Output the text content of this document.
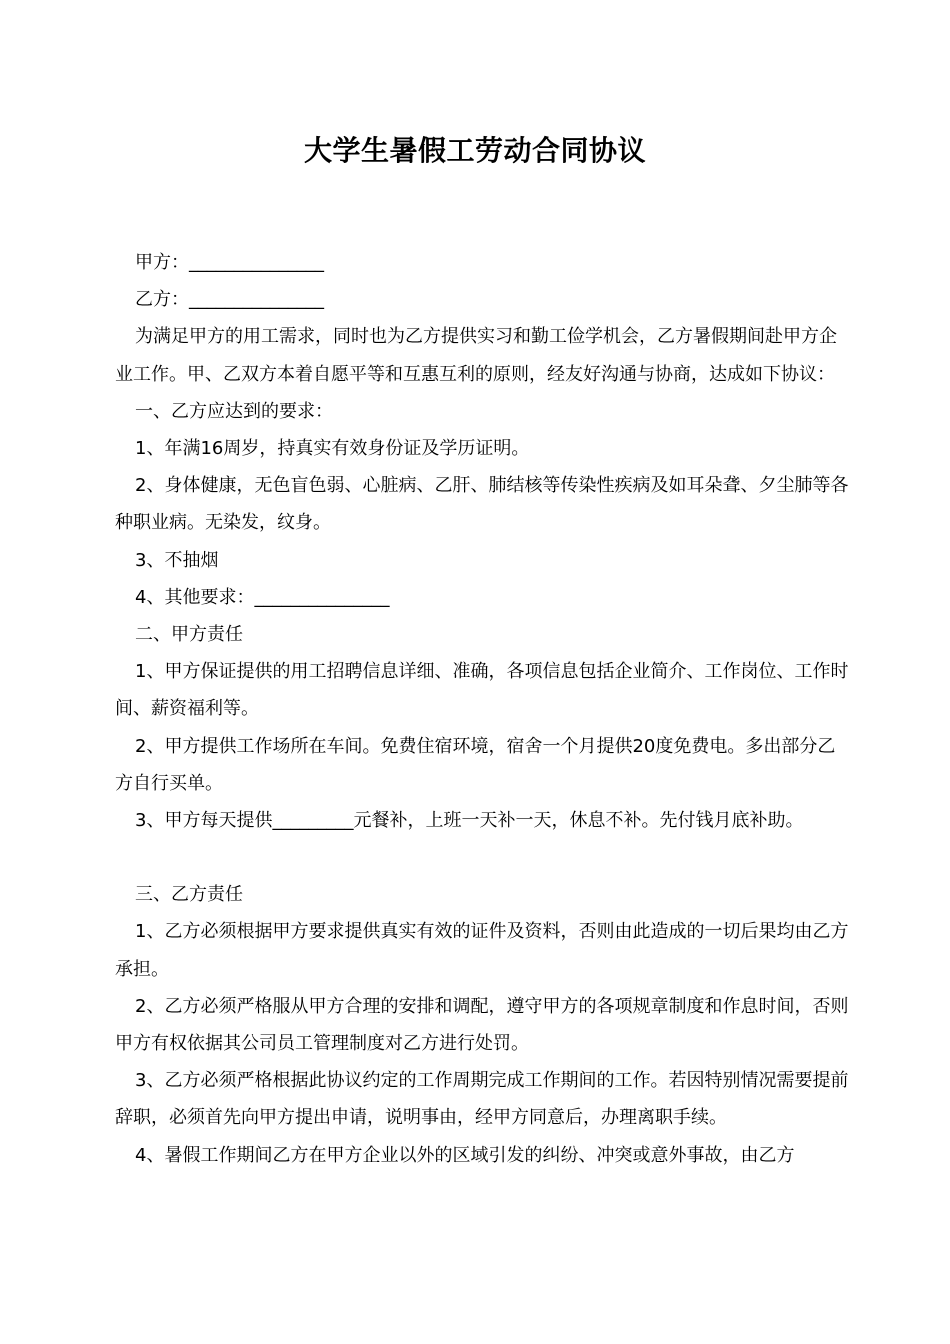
大学生暑假工劳动合同协议

甲方：_______________

乙方：_______________

为满足甲方的用工需求，同时也为乙方提供实习和勤工俭学机会，乙方暑假期间赴甲方企业工作。甲、乙双方本着自愿平等和互惠互利的原则，经友好沟通与协商，达成如下协议：

一、乙方应达到的要求：

1、年满16周岁，持真实有效身份证及学历证明。

2、身体健康，无色盲色弱、心脏病、乙肝、肺结核等传染性疾病及如耳朵聋、夕尘肺等各种职业病。无染发，纹身。

3、不抽烟

4、其他要求：_______________

二、甲方责任

1、甲方保证提供的用工招聘信息详细、准确，各项信息包括企业简介、工作岗位、工作时间、薪资福利等。

2、甲方提供工作场所在车间。免费住宿环境，宿舍一个月提供20度免费电。多出部分乙方自行买单。

3、甲方每天提供_________元餐补，上班一天补一天，休息不补。先付钱月底补助。

三、乙方责任

1、乙方必须根据甲方要求提供真实有效的证件及资料，否则由此造成的一切后果均由乙方承担。

2、乙方必须严格服从甲方合理的安排和调配，遵守甲方的各项规章制度和作息时间，否则甲方有权依据其公司员工管理制度对乙方进行处罚。

3、乙方必须严格根据此协议约定的工作周期完成工作期间的工作。若因特别情况需要提前辞职，必须首先向甲方提出申请，说明事由，经甲方同意后，办理离职手续。

4、暑假工作期间乙方在甲方企业以外的区域引发的纠纷、冲突或意外事故，由乙方
